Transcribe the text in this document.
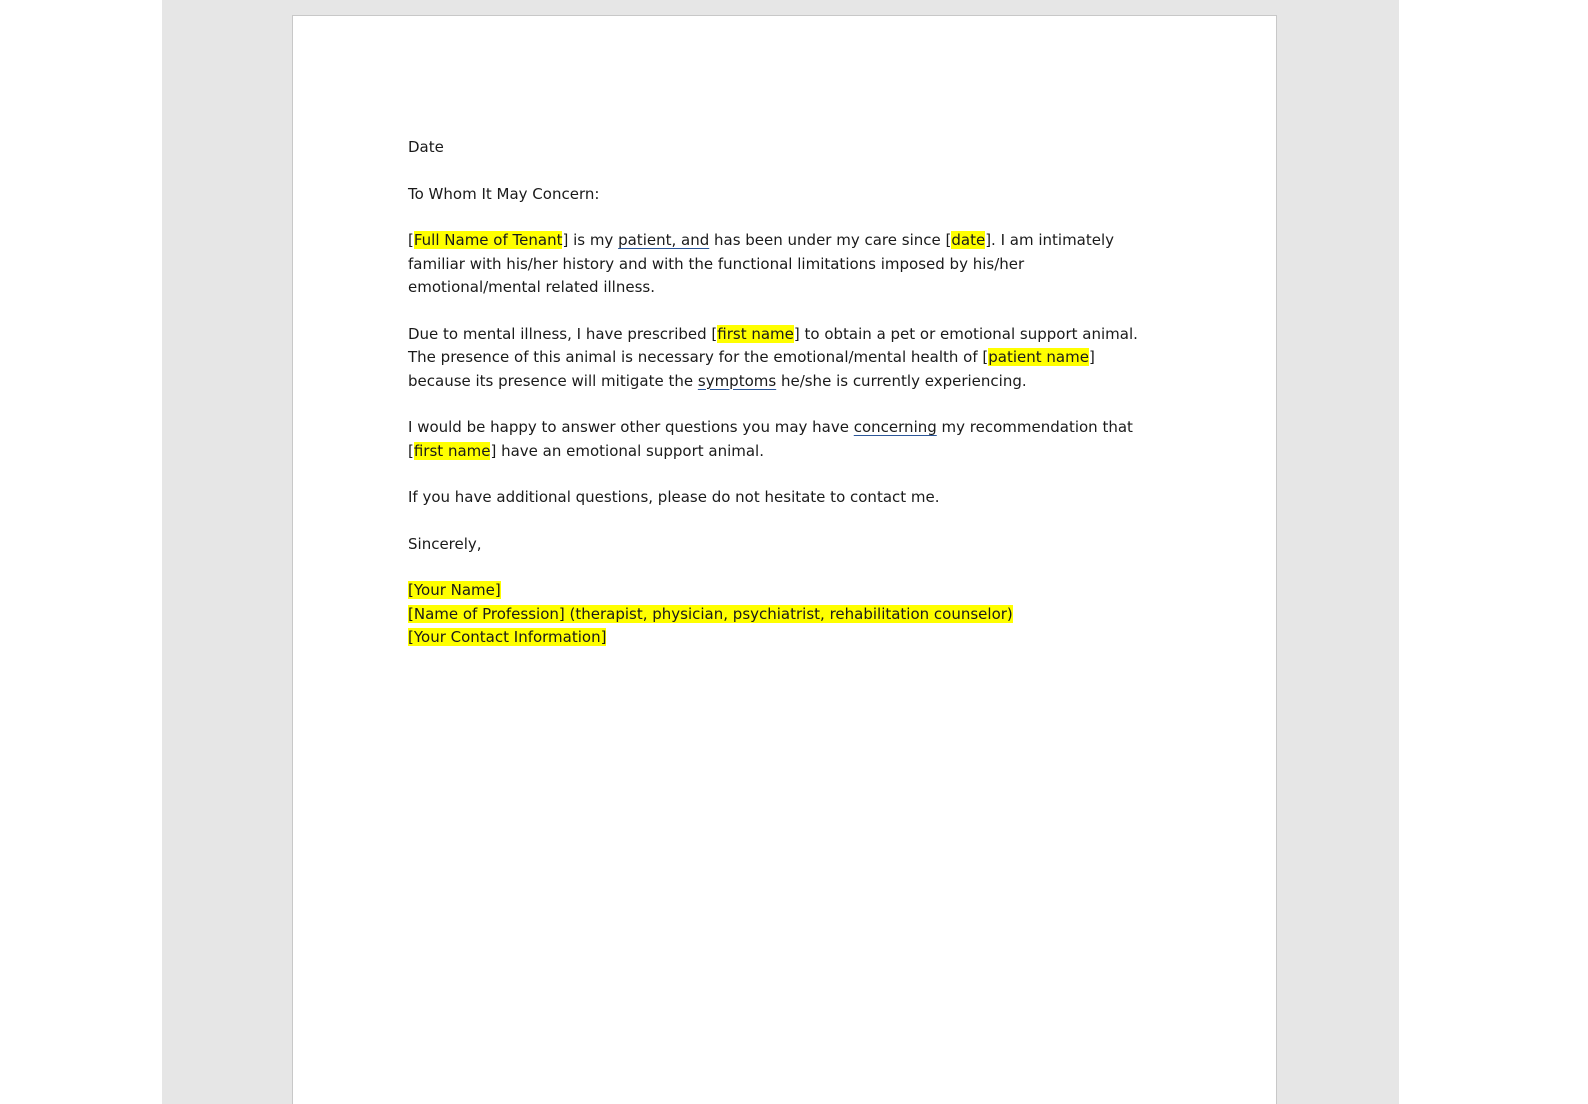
Date

To Whom It May Concern:

[Full Name of Tenant] is my patient, and has been under my care since [date]. I am intimately familiar with his/her history and with the functional limitations imposed by his/her emotional/mental related illness.

Due to mental illness, I have prescribed [first name] to obtain a pet or emotional support animal. The presence of this animal is necessary for the emotional/mental health of [patient name] because its presence will mitigate the symptoms he/she is currently experiencing.

I would be happy to answer other questions you may have concerning my recommendation that [first name] have an emotional support animal.

If you have additional questions, please do not hesitate to contact me.

Sincerely,

[Your Name]

[Name of Profession] (therapist, physician, psychiatrist, rehabilitation counselor)

[Your Contact Information]
